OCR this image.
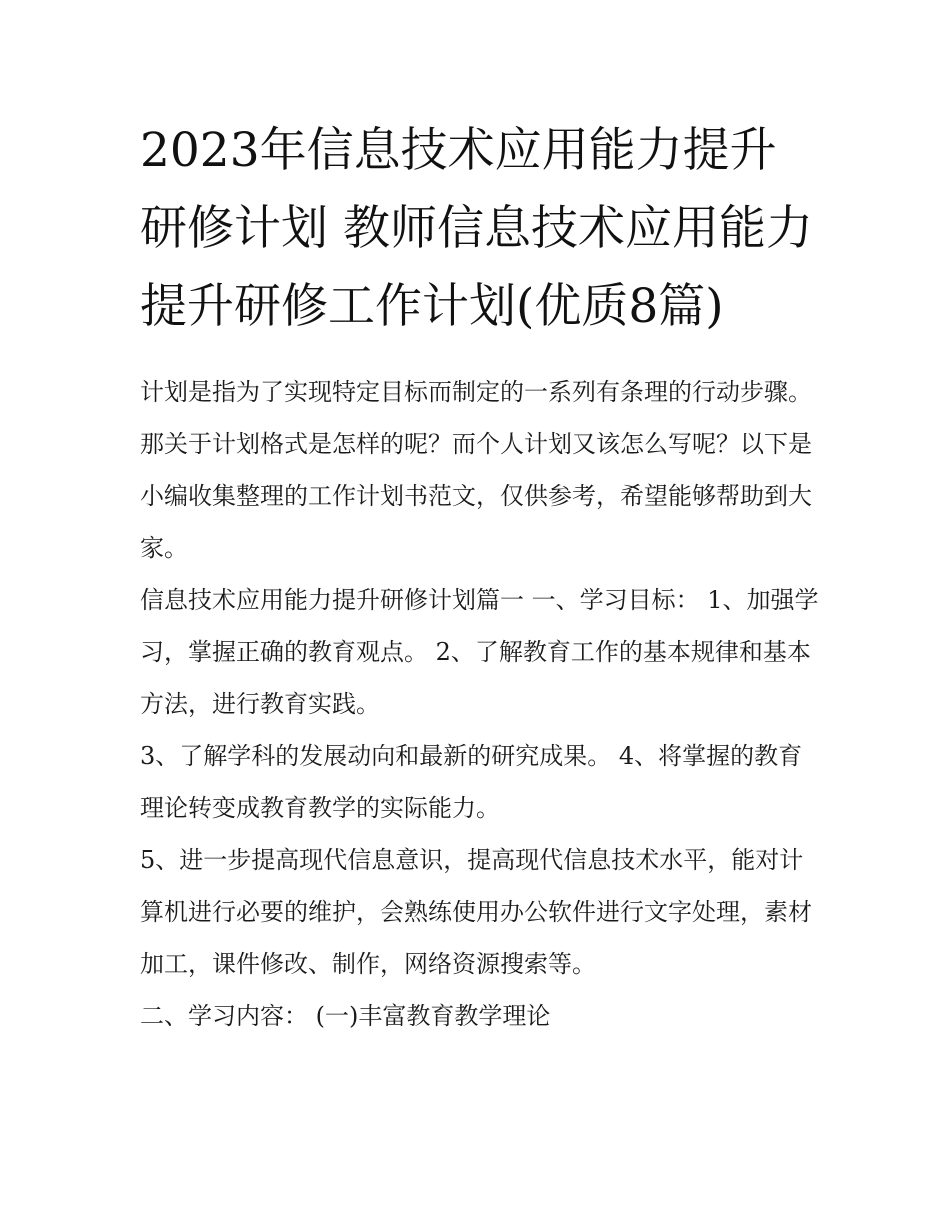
2023年信息技术应用能力提升研修计划 教师信息技术应用能力提升研修工作计划(优质8篇)

计划是指为了实现特定目标而制定的一系列有条理的行动步骤。那关于计划格式是怎样的呢？而个人计划又该怎么写呢？以下是小编收集整理的工作计划书范文，仅供参考，希望能够帮助到大家。

信息技术应用能力提升研修计划篇一 一、学习目标： 1、加强学习，掌握正确的教育观点。 2、了解教育工作的基本规律和基本方法，进行教育实践。

3、了解学科的发展动向和最新的研究成果。 4、将掌握的教育理论转变成教育教学的实际能力。

5、进一步提高现代信息意识，提高现代信息技术水平，能对计算机进行必要的维护，会熟练使用办公软件进行文字处理，素材加工，课件修改、制作，网络资源搜索等。

二、学习内容： (一)丰富教育教学理论
